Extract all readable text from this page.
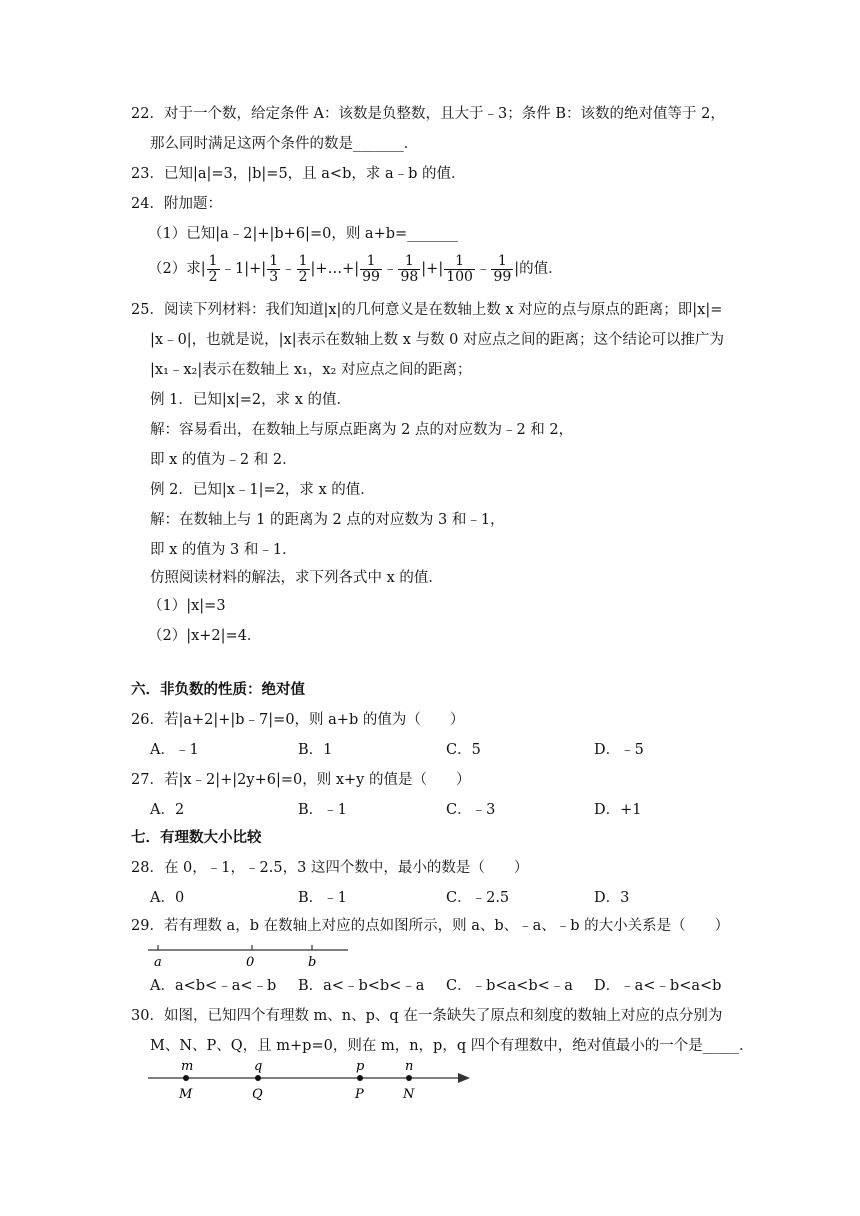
22．对于一个数，给定条件 A：该数是负整数，且大于﹣3；条件 B：该数的绝对值等于 2，
那么同时满足这两个条件的数是_______．
23．已知|a|=3，|b|=5，且 a<b，求 a﹣b 的值．
24．附加题：
（1）已知|a﹣2|+|b+6|=0，则 a+b=_______
（2）求| $\frac{1}{2}$ ﹣1|+| $\frac{1}{3}$ ﹣ $\frac{1}{2}$ |+…+| $\frac{1}{99}$ ﹣ $\frac{1}{98}$ |+| $\frac{1}{100}$ ﹣ $\frac{1}{99}$ |的值．
25．阅读下列材料：我们知道|x|的几何意义是在数轴上数 x 对应的点与原点的距离；即|x|=
|x﹣0|，也就是说，|x|表示在数轴上数 x 与数 0 对应点之间的距离；这个结论可以推广为
|x₁﹣x₂|表示在数轴上 x₁，x₂ 对应点之间的距离；
例 1．已知|x|=2，求 x 的值．
解：容易看出，在数轴上与原点距离为 2 点的对应数为﹣2 和 2，
即 x 的值为﹣2 和 2．
例 2．已知|x﹣1|=2，求 x 的值．
解：在数轴上与 1 的距离为 2 点的对应数为 3 和﹣1，
即 x 的值为 3 和﹣1．
仿照阅读材料的解法，求下列各式中 x 的值．
（1）|x|=3
（2）|x+2|=4．
六．非负数的性质：绝对值
26．若|a+2|+|b﹣7|=0，则 a+b 的值为（　　）
A．﹣1	B．1	C．5	D．﹣5
27．若|x﹣2|+|2y+6|=0，则 x+y 的值是（　　）
A．2	B．﹣1	C．﹣3	D．+1
七．有理数大小比较
28．在 0，﹣1，﹣2.5，3 这四个数中，最小的数是（　　）
A．0	B．﹣1	C．﹣2.5	D．3
29．若有理数 a，b 在数轴上对应的点如图所示，则 a、b、﹣a、﹣b 的大小关系是（　　）
a	0	b
A．a<b<﹣a<﹣b B．a<﹣b<b<﹣a C．﹣b<a<b<﹣a D．﹣a<﹣b<a<b
30．如图，已知四个有理数 m、n、p、q 在一条缺失了原点和刻度的数轴上对应的点分别为
M、N、P、Q，且 m+p=0，则在 m，n，p，q 四个有理数中，绝对值最小的一个是_____．
m	q	p	n
M	Q	P	N
